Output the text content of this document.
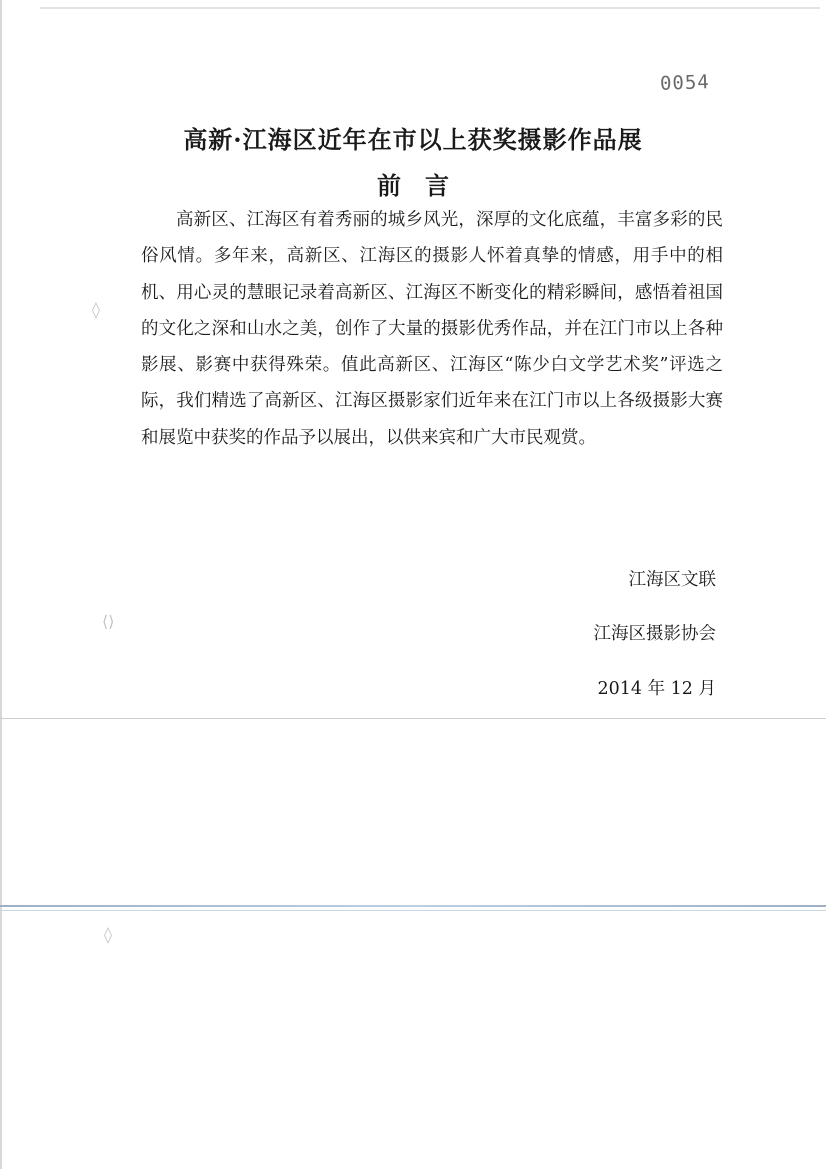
◊
⟨⟩
◊
0054
高新·江海区近年在市以上获奖摄影作品展
前言

高新区、江海区有着秀丽的城乡风光，深厚的文化底蕴，丰富多彩的民俗风情。多年来，高新区、江海区的摄影人怀着真挚的情感，用手中的相机、用心灵的慧眼记录着高新区、江海区不断变化的精彩瞬间，感悟着祖国的文化之深和山水之美，创作了大量的摄影优秀作品，并在江门市以上各种影展、影赛中获得殊荣。值此高新区、江海区“陈少白文学艺术奖”评选之际，我们精选了高新区、江海区摄影家们近年来在江门市以上各级摄影大赛和展览中获奖的作品予以展出，以供来宾和广大市民观赏。

江海区文联
江海区摄影协会
2014 年 12 月
